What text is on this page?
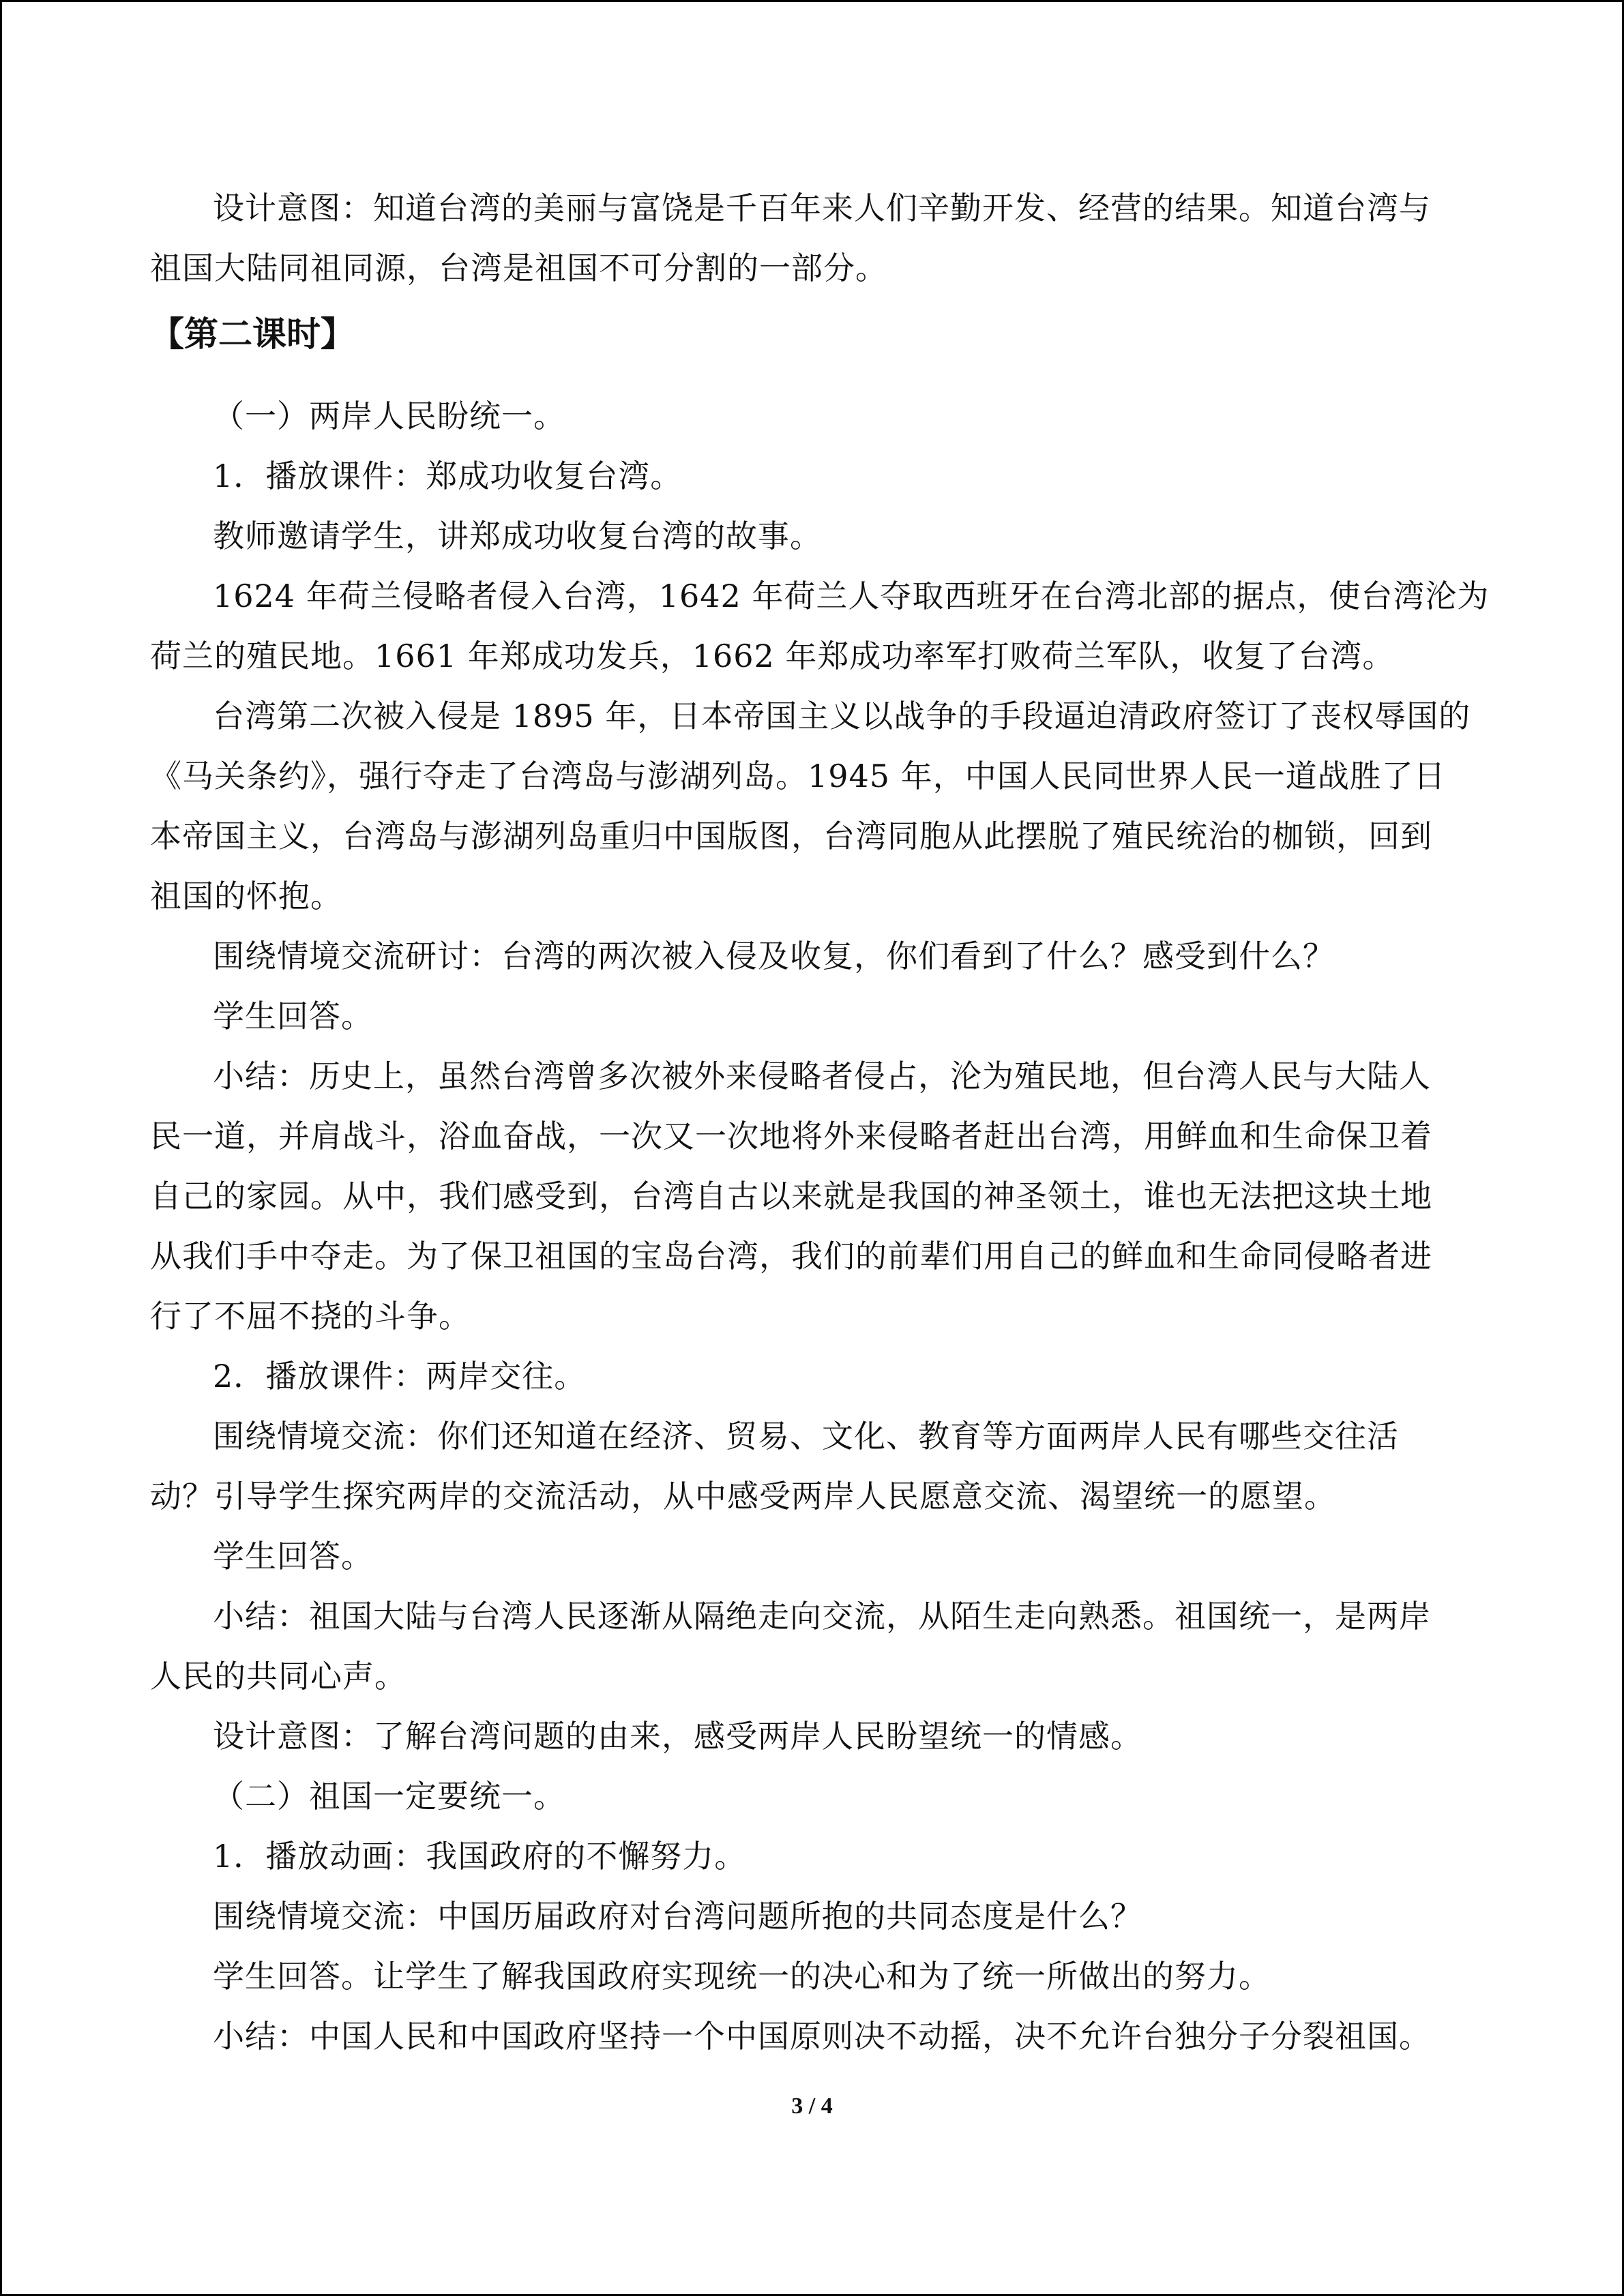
设计意图：知道台湾的美丽与富饶是千百年来人们辛勤开发、经营的结果。知道台湾与
祖国大陆同祖同源，台湾是祖国不可分割的一部分。
【第二课时】
（一）两岸人民盼统一。
1．播放课件：郑成功收复台湾。
教师邀请学生，讲郑成功收复台湾的故事。
1624 年荷兰侵略者侵入台湾，1642 年荷兰人夺取西班牙在台湾北部的据点，使台湾沦为
荷兰的殖民地。1661 年郑成功发兵，1662 年郑成功率军打败荷兰军队，收复了台湾。
台湾第二次被入侵是 1895 年，日本帝国主义以战争的手段逼迫清政府签订了丧权辱国的
《马关条约》，强行夺走了台湾岛与澎湖列岛。1945 年，中国人民同世界人民一道战胜了日
本帝国主义，台湾岛与澎湖列岛重归中国版图，台湾同胞从此摆脱了殖民统治的枷锁，回到
祖国的怀抱。
围绕情境交流研讨：台湾的两次被入侵及收复，你们看到了什么？感受到什么？
学生回答。
小结：历史上，虽然台湾曾多次被外来侵略者侵占，沦为殖民地，但台湾人民与大陆人
民一道，并肩战斗，浴血奋战，一次又一次地将外来侵略者赶出台湾，用鲜血和生命保卫着
自己的家园。从中，我们感受到，台湾自古以来就是我国的神圣领土，谁也无法把这块土地
从我们手中夺走。为了保卫祖国的宝岛台湾，我们的前辈们用自己的鲜血和生命同侵略者进
行了不屈不挠的斗争。
2．播放课件：两岸交往。
围绕情境交流：你们还知道在经济、贸易、文化、教育等方面两岸人民有哪些交往活
动？引导学生探究两岸的交流活动，从中感受两岸人民愿意交流、渴望统一的愿望。
学生回答。
小结：祖国大陆与台湾人民逐渐从隔绝走向交流，从陌生走向熟悉。祖国统一，是两岸
人民的共同心声。
设计意图：了解台湾问题的由来，感受两岸人民盼望统一的情感。
（二）祖国一定要统一。
1．播放动画：我国政府的不懈努力。
围绕情境交流：中国历届政府对台湾问题所抱的共同态度是什么？
学生回答。让学生了解我国政府实现统一的决心和为了统一所做出的努力。
小结：中国人民和中国政府坚持一个中国原则决不动摇，决不允许台独分子分裂祖国。
3 / 4
